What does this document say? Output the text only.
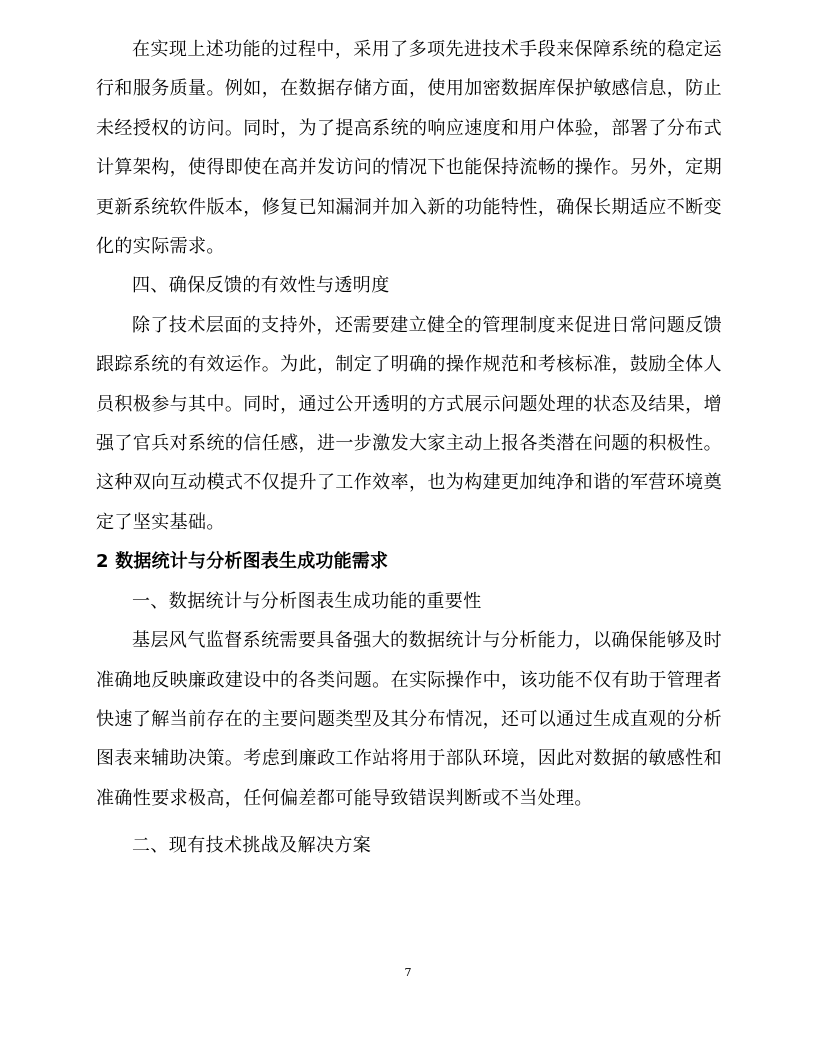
在实现上述功能的过程中，采用了多项先进技术手段来保障系统的稳定运行和服务质量。例如，在数据存储方面，使用加密数据库保护敏感信息，防止未经授权的访问。同时，为了提高系统的响应速度和用户体验，部署了分布式计算架构，使得即使在高并发访问的情况下也能保持流畅的操作。另外，定期更新系统软件版本，修复已知漏洞并加入新的功能特性，确保长期适应不断变化的实际需求。

四、确保反馈的有效性与透明度

除了技术层面的支持外，还需要建立健全的管理制度来促进日常问题反馈跟踪系统的有效运作。为此，制定了明确的操作规范和考核标准，鼓励全体人员积极参与其中。同时，通过公开透明的方式展示问题处理的状态及结果，增强了官兵对系统的信任感，进一步激发大家主动上报各类潜在问题的积极性。这种双向互动模式不仅提升了工作效率，也为构建更加纯净和谐的军营环境奠定了坚实基础。

2 数据统计与分析图表生成功能需求

一、数据统计与分析图表生成功能的重要性

基层风气监督系统需要具备强大的数据统计与分析能力，以确保能够及时准确地反映廉政建设中的各类问题。在实际操作中，该功能不仅有助于管理者快速了解当前存在的主要问题类型及其分布情况，还可以通过生成直观的分析图表来辅助决策。考虑到廉政工作站将用于部队环境，因此对数据的敏感性和准确性要求极高，任何偏差都可能导致错误判断或不当处理。

二、现有技术挑战及解决方案

7
